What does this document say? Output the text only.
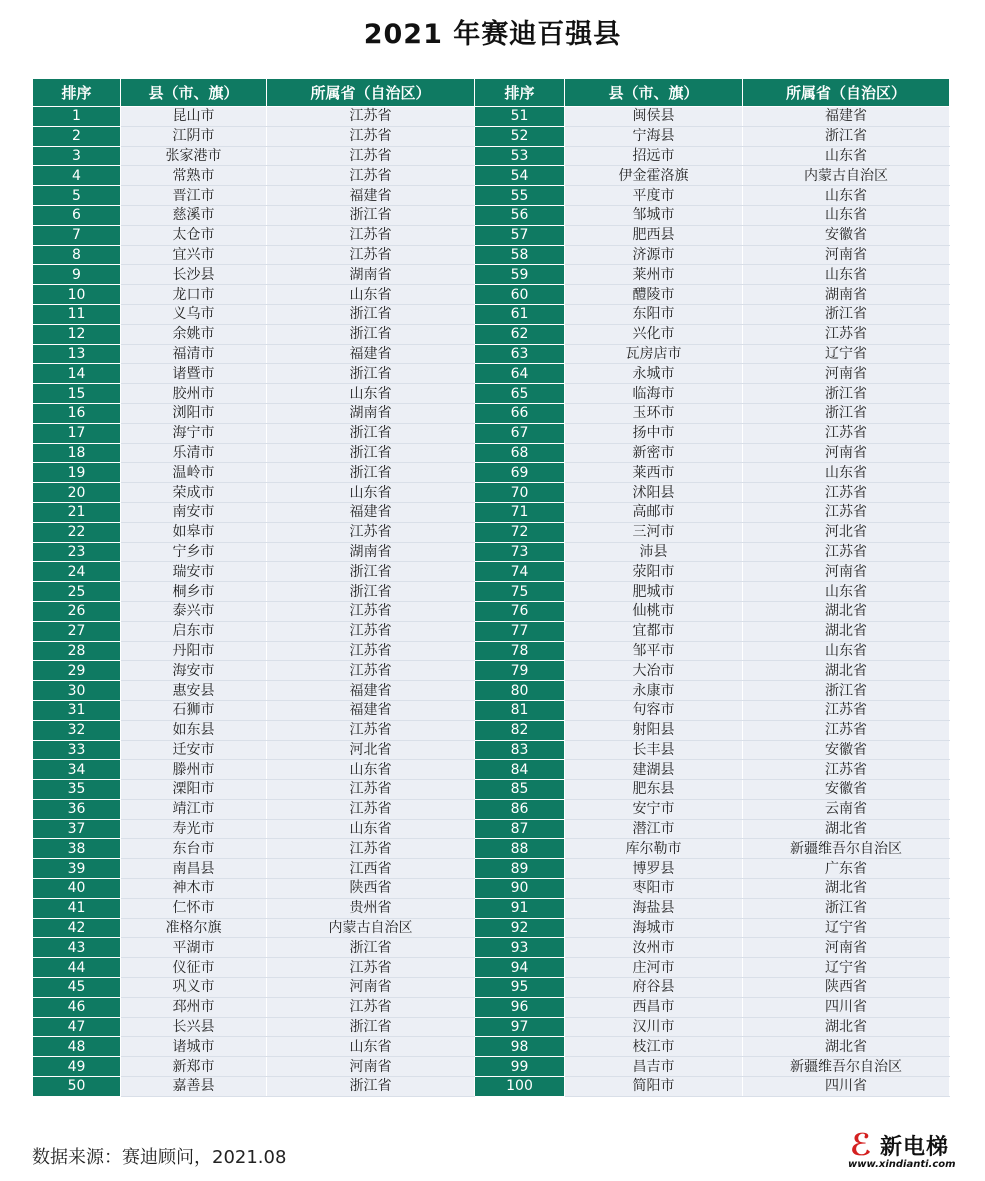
2021 年赛迪百强县
排序	县（市、旗）	所属省（自治区）	排序	县（市、旗）	所属省（自治区）
1	昆山市	江苏省	51	闽侯县	福建省
2	江阴市	江苏省	52	宁海县	浙江省
3	张家港市	江苏省	53	招远市	山东省
4	常熟市	江苏省	54	伊金霍洛旗	内蒙古自治区
5	晋江市	福建省	55	平度市	山东省
6	慈溪市	浙江省	56	邹城市	山东省
7	太仓市	江苏省	57	肥西县	安徽省
8	宜兴市	江苏省	58	济源市	河南省
9	长沙县	湖南省	59	莱州市	山东省
10	龙口市	山东省	60	醴陵市	湖南省
11	义乌市	浙江省	61	东阳市	浙江省
12	余姚市	浙江省	62	兴化市	江苏省
13	福清市	福建省	63	瓦房店市	辽宁省
14	诸暨市	浙江省	64	永城市	河南省
15	胶州市	山东省	65	临海市	浙江省
16	浏阳市	湖南省	66	玉环市	浙江省
17	海宁市	浙江省	67	扬中市	江苏省
18	乐清市	浙江省	68	新密市	河南省
19	温岭市	浙江省	69	莱西市	山东省
20	荣成市	山东省	70	沭阳县	江苏省
21	南安市	福建省	71	高邮市	江苏省
22	如皋市	江苏省	72	三河市	河北省
23	宁乡市	湖南省	73	沛县	江苏省
24	瑞安市	浙江省	74	荥阳市	河南省
25	桐乡市	浙江省	75	肥城市	山东省
26	泰兴市	江苏省	76	仙桃市	湖北省
27	启东市	江苏省	77	宜都市	湖北省
28	丹阳市	江苏省	78	邹平市	山东省
29	海安市	江苏省	79	大冶市	湖北省
30	惠安县	福建省	80	永康市	浙江省
31	石狮市	福建省	81	句容市	江苏省
32	如东县	江苏省	82	射阳县	江苏省
33	迁安市	河北省	83	长丰县	安徽省
34	滕州市	山东省	84	建湖县	江苏省
35	溧阳市	江苏省	85	肥东县	安徽省
36	靖江市	江苏省	86	安宁市	云南省
37	寿光市	山东省	87	潜江市	湖北省
38	东台市	江苏省	88	库尔勒市	新疆维吾尔自治区
39	南昌县	江西省	89	博罗县	广东省
40	神木市	陕西省	90	枣阳市	湖北省
41	仁怀市	贵州省	91	海盐县	浙江省
42	准格尔旗	内蒙古自治区	92	海城市	辽宁省
43	平湖市	浙江省	93	汝州市	河南省
44	仪征市	江苏省	94	庄河市	辽宁省
45	巩义市	河南省	95	府谷县	陕西省
46	邳州市	江苏省	96	西昌市	四川省
47	长兴县	浙江省	97	汉川市	湖北省
48	诸城市	山东省	98	枝江市	湖北省
49	新郑市	河南省	99	昌吉市	新疆维吾尔自治区
50	嘉善县	浙江省	100	简阳市	四川省
数据来源：赛迪顾问，2021.08	ℰ 新电梯
www.xindianti.com
